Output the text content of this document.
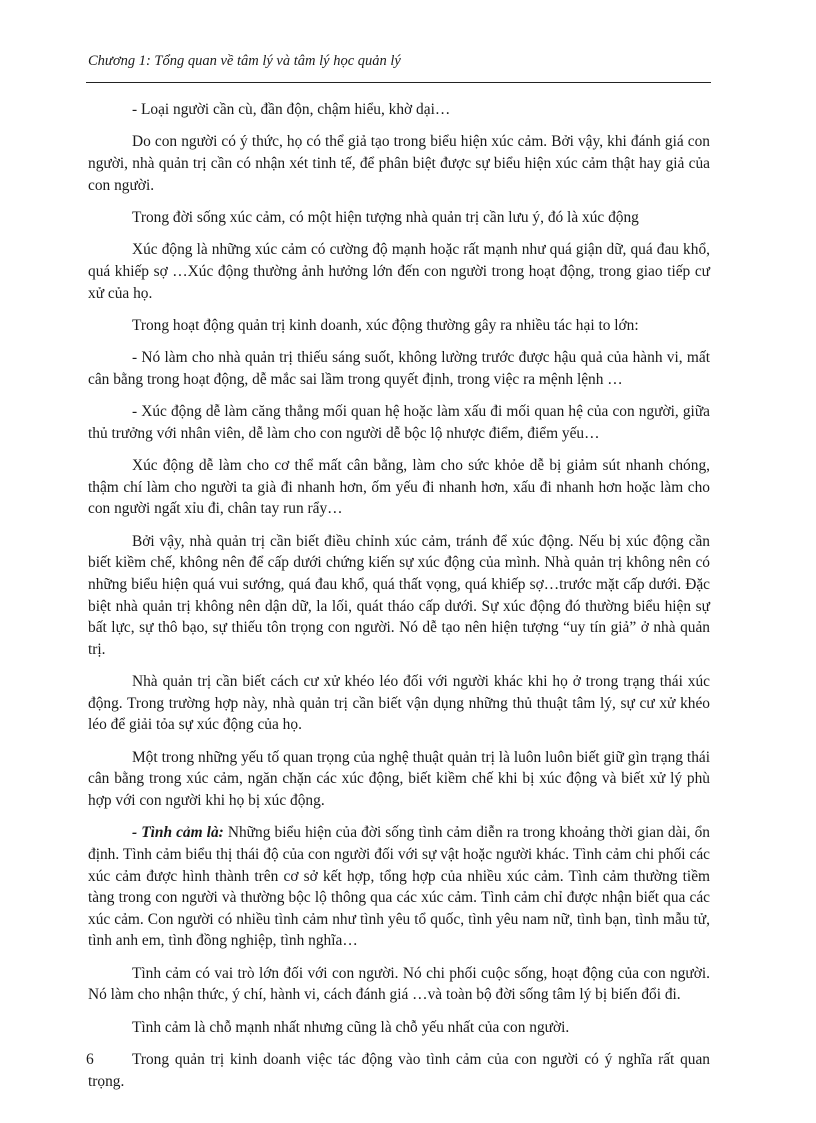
Chương 1: Tổng quan về tâm lý và tâm lý học quản lý

- Loại người cần cù, đần độn, chậm hiểu, khờ dại…

Do con người có ý thức, họ có thể giả tạo trong biểu hiện xúc cảm. Bởi vậy, khi đánh giá con người, nhà quản trị cần có nhận xét tinh tế, để phân biệt được sự biểu hiện xúc cảm thật hay giả của con người.

Trong đời sống xúc cảm, có một hiện tượng nhà quản trị cần lưu ý, đó là xúc động

Xúc động là những xúc cảm có cường độ mạnh hoặc rất mạnh như quá giận dữ, quá đau khổ, quá khiếp sợ …Xúc động thường ảnh hưởng lớn đến con người trong hoạt động, trong giao tiếp cư xử của họ.

Trong hoạt động quản trị kinh doanh, xúc động thường gây ra nhiều tác hại to lớn:

- Nó làm cho nhà quản trị thiếu sáng suốt, không lường trước được hậu quả của hành vi, mất cân bằng trong hoạt động, dễ mắc sai lầm trong quyết định, trong việc ra mệnh lệnh …

- Xúc động dễ làm căng thẳng mối quan hệ hoặc làm xấu đi mối quan hệ của con người, giữa thủ trưởng với nhân viên, dễ làm cho con người dễ bộc lộ nhược điểm, điểm yếu…

Xúc động dễ làm cho cơ thể mất cân bằng, làm cho sức khỏe dễ bị giảm sút nhanh chóng, thậm chí làm cho người ta già đi nhanh hơn, ốm yếu đi nhanh hơn, xấu đi nhanh hơn hoặc làm cho con người ngất xỉu đi, chân tay run rẩy…

Bởi vậy, nhà quản trị cần biết điều chỉnh xúc cảm, tránh để xúc động. Nếu bị xúc động cần biết kiềm chế, không nên để cấp dưới chứng kiến sự xúc động của mình. Nhà quản trị không nên có những biểu hiện quá vui sướng, quá đau khổ, quá thất vọng, quá khiếp sợ…trước mặt cấp dưới. Đặc biệt nhà quản trị không nên dận dữ, la lối, quát tháo cấp dưới. Sự xúc động đó thường biểu hiện sự bất lực, sự thô bạo, sự thiếu tôn trọng con người. Nó dễ tạo nên hiện tượng “uy tín giả” ở nhà quản trị.

Nhà quản trị cần biết cách cư xử khéo léo đối với người khác khi họ ở trong trạng thái xúc động. Trong trường hợp này, nhà quản trị cần biết vận dụng những thủ thuật tâm lý, sự cư xử khéo léo để giải tỏa sự xúc động của họ.

Một trong những yếu tố quan trọng của nghệ thuật quản trị là luôn luôn biết giữ gìn trạng thái cân bằng trong xúc cảm, ngăn chặn các xúc động, biết kiềm chế khi bị xúc động và biết xử lý phù hợp với con người khi họ bị xúc động.

- Tình cảm là: Những biểu hiện của đời sống tình cảm diễn ra trong khoảng thời gian dài, ổn định. Tình cảm biểu thị thái độ của con người đối với sự vật hoặc người khác. Tình cảm chi phối các xúc cảm được hình thành trên cơ sở kết hợp, tổng hợp của nhiều xúc cảm. Tình cảm thường tiềm tàng trong con người và thường bộc lộ thông qua các xúc cảm. Tình cảm chỉ được nhận biết qua các xúc cảm. Con người có nhiều tình cảm như tình yêu tổ quốc, tình yêu nam nữ, tình bạn, tình mẫu tử, tình anh em, tình đồng nghiệp, tình nghĩa…

Tình cảm có vai trò lớn đối với con người. Nó chi phối cuộc sống, hoạt động của con người. Nó làm cho nhận thức, ý chí, hành vi, cách đánh giá …và toàn bộ đời sống tâm lý bị biến đổi đi.

Tình cảm là chỗ mạnh nhất nhưng cũng là chỗ yếu nhất của con người.

Trong quản trị kinh doanh việc tác động vào tình cảm của con người có ý nghĩa rất quan trọng.

6
